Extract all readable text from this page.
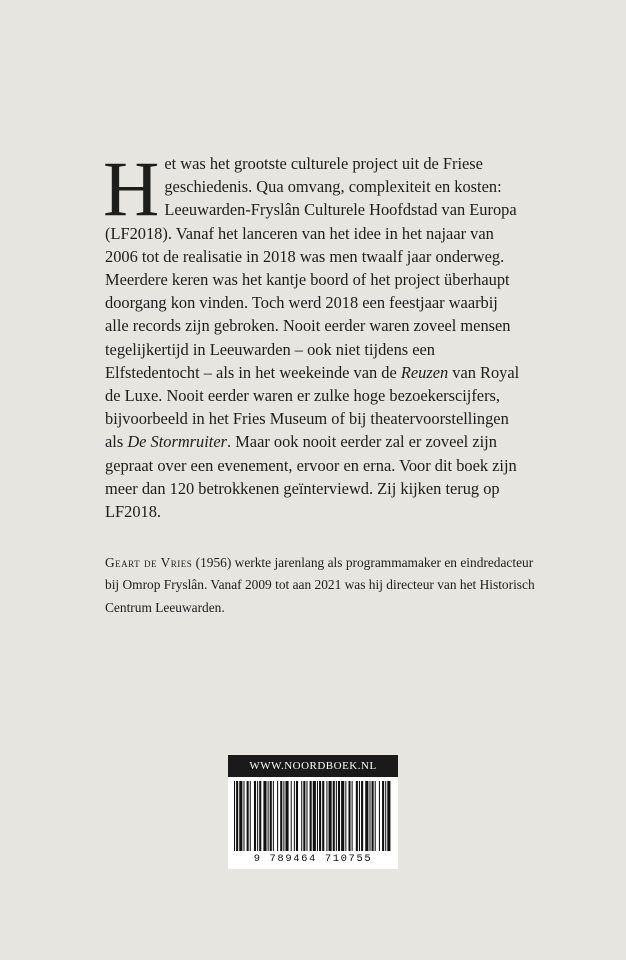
H et was het grootste culturele project uit de Friese geschiedenis. Qua omvang, complexiteit en kosten: Leeuwarden-Fryslân Culturele Hoofdstad van Europa (LF2018). Vanaf het lanceren van het idee in het najaar van 2006 tot de realisatie in 2018 was men twaalf jaar onderweg. Meerdere keren was het kantje boord of het project überhaupt doorgang kon vinden. Toch werd 2018 een feestjaar waarbij alle records zijn gebroken. Nooit eerder waren zoveel mensen tegelijkertijd in Leeuwarden – ook niet tijdens een Elfstedentocht – als in het weekeinde van de Reuzen van Royal de Luxe. Nooit eerder waren er zulke hoge bezoekerscijfers, bijvoorbeeld in het Fries Museum of bij theatervoorstellingen als De Stormruiter. Maar ook nooit eerder zal er zoveel zijn gepraat over een evenement, ervoor en erna. Voor dit boek zijn meer dan 120 betrokkenen geïnterviewd. Zij kijken terug op LF2018.

Geart de Vries (1956) werkte jarenlang als programmamaker en eindredacteur bij Omrop Fryslân. Vanaf 2009 tot aan 2021 was hij directeur van het Historisch Centrum Leeuwarden.
WWW.NOORDBOEK.NL
9 789464 710755
